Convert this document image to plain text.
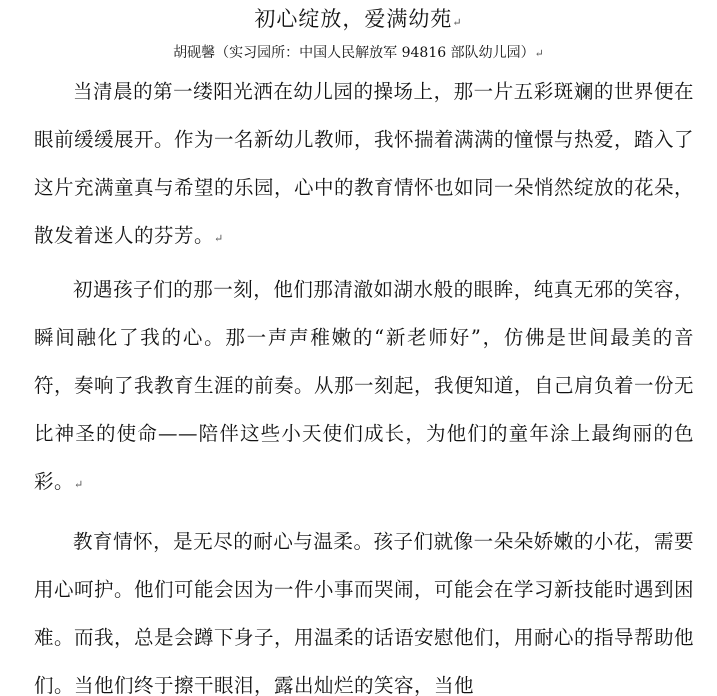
初心绽放，爱满幼苑↵
胡砚馨（实习园所：中国人民解放军 94816 部队幼儿园）↵

当清晨的第一缕阳光洒在幼儿园的操场上，那一片五彩斑斓的世界便在眼前缓缓展开。作为一名新幼儿教师，我怀揣着满满的憧憬与热爱，踏入了这片充满童真与希望的乐园，心中的教育情怀也如同一朵悄然绽放的花朵，散发着迷人的芬芳。↵

初遇孩子们的那一刻，他们那清澈如湖水般的眼眸，纯真无邪的笑容，瞬间融化了我的心。那一声声稚嫩的“新老师好”，仿佛是世间最美的音符，奏响了我教育生涯的前奏。从那一刻起，我便知道，自己肩负着一份无比神圣的使命——陪伴这些小天使们成长，为他们的童年涂上最绚丽的色彩。↵

教育情怀，是无尽的耐心与温柔。孩子们就像一朵朵娇嫩的小花，需要用心呵护。他们可能会因为一件小事而哭闹，可能会在学习新技能时遇到困难。而我，总是会蹲下身子，用温柔的话语安慰他们，用耐心的指导帮助他们。当他们终于擦干眼泪，露出灿烂的笑容，当他
